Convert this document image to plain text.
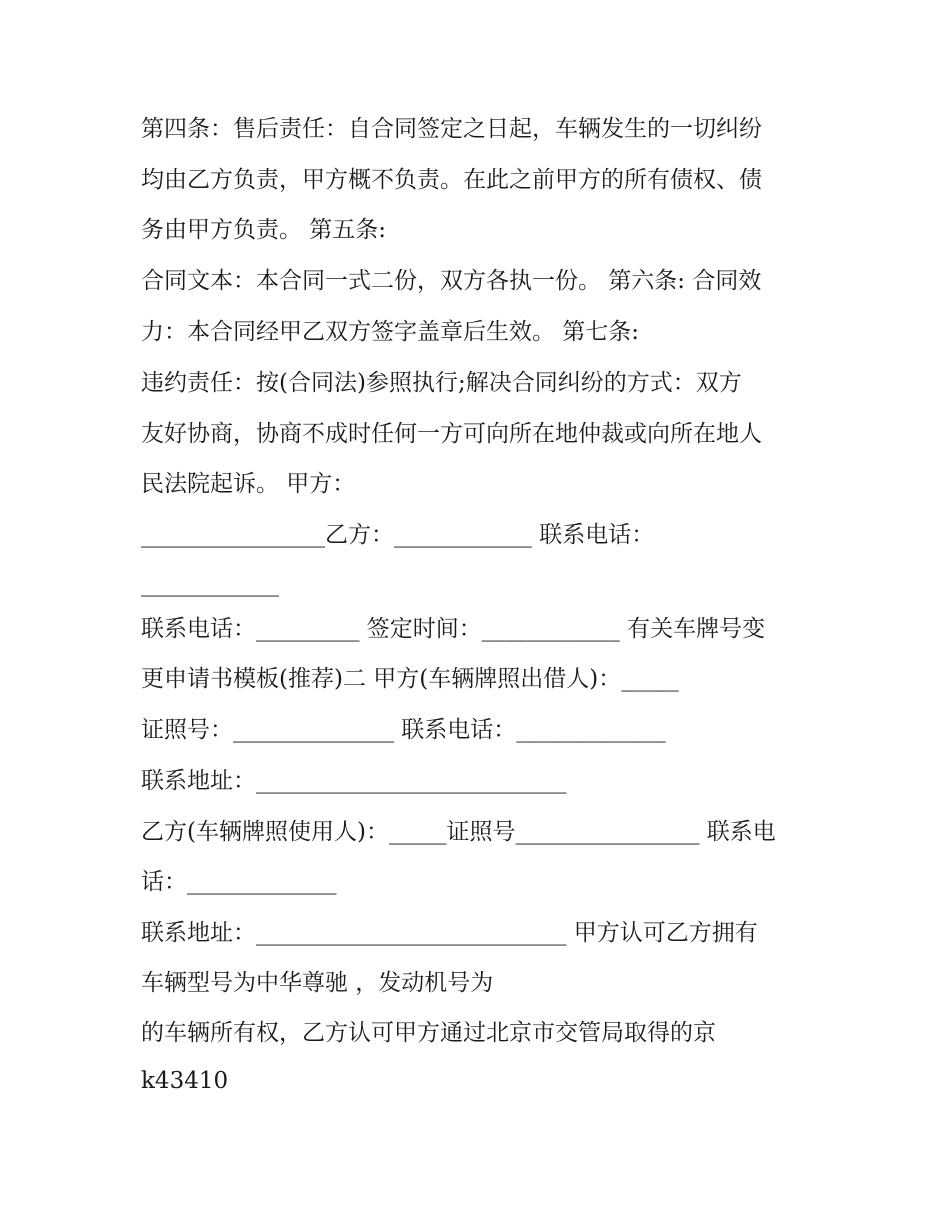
第四条：售后责任：自合同签定之日起，车辆发生的一切纠纷
均由乙方负责，甲方概不负责。在此之前甲方的所有债权、债
务由甲方负责。 第五条:
合同文本：本合同一式二份，双方各执一份。 第六条: 合同效
力：本合同经甲乙双方签字盖章后生效。 第七条:
违约责任：按(合同法)参照执行;解决合同纠纷的方式：双方
友好协商，协商不成时任何一方可向所在地仲裁或向所在地人
民法院起诉。 甲方：
________________乙方：____________ 联系电话：
____________
联系电话：_________ 签定时间：____________ 有关车牌号变
更申请书模板(推荐)二 甲方(车辆牌照出借人)：_____
证照号：______________ 联系电话：_____________
联系地址：___________________________
乙方(车辆牌照使用人)：_____证照号________________ 联系电
话：_____________
联系地址：___________________________ 甲方认可乙方拥有
车辆型号为中华尊驰 ，发动机号为
的车辆所有权，乙方认可甲方通过北京市交管局取得的京
k43410
